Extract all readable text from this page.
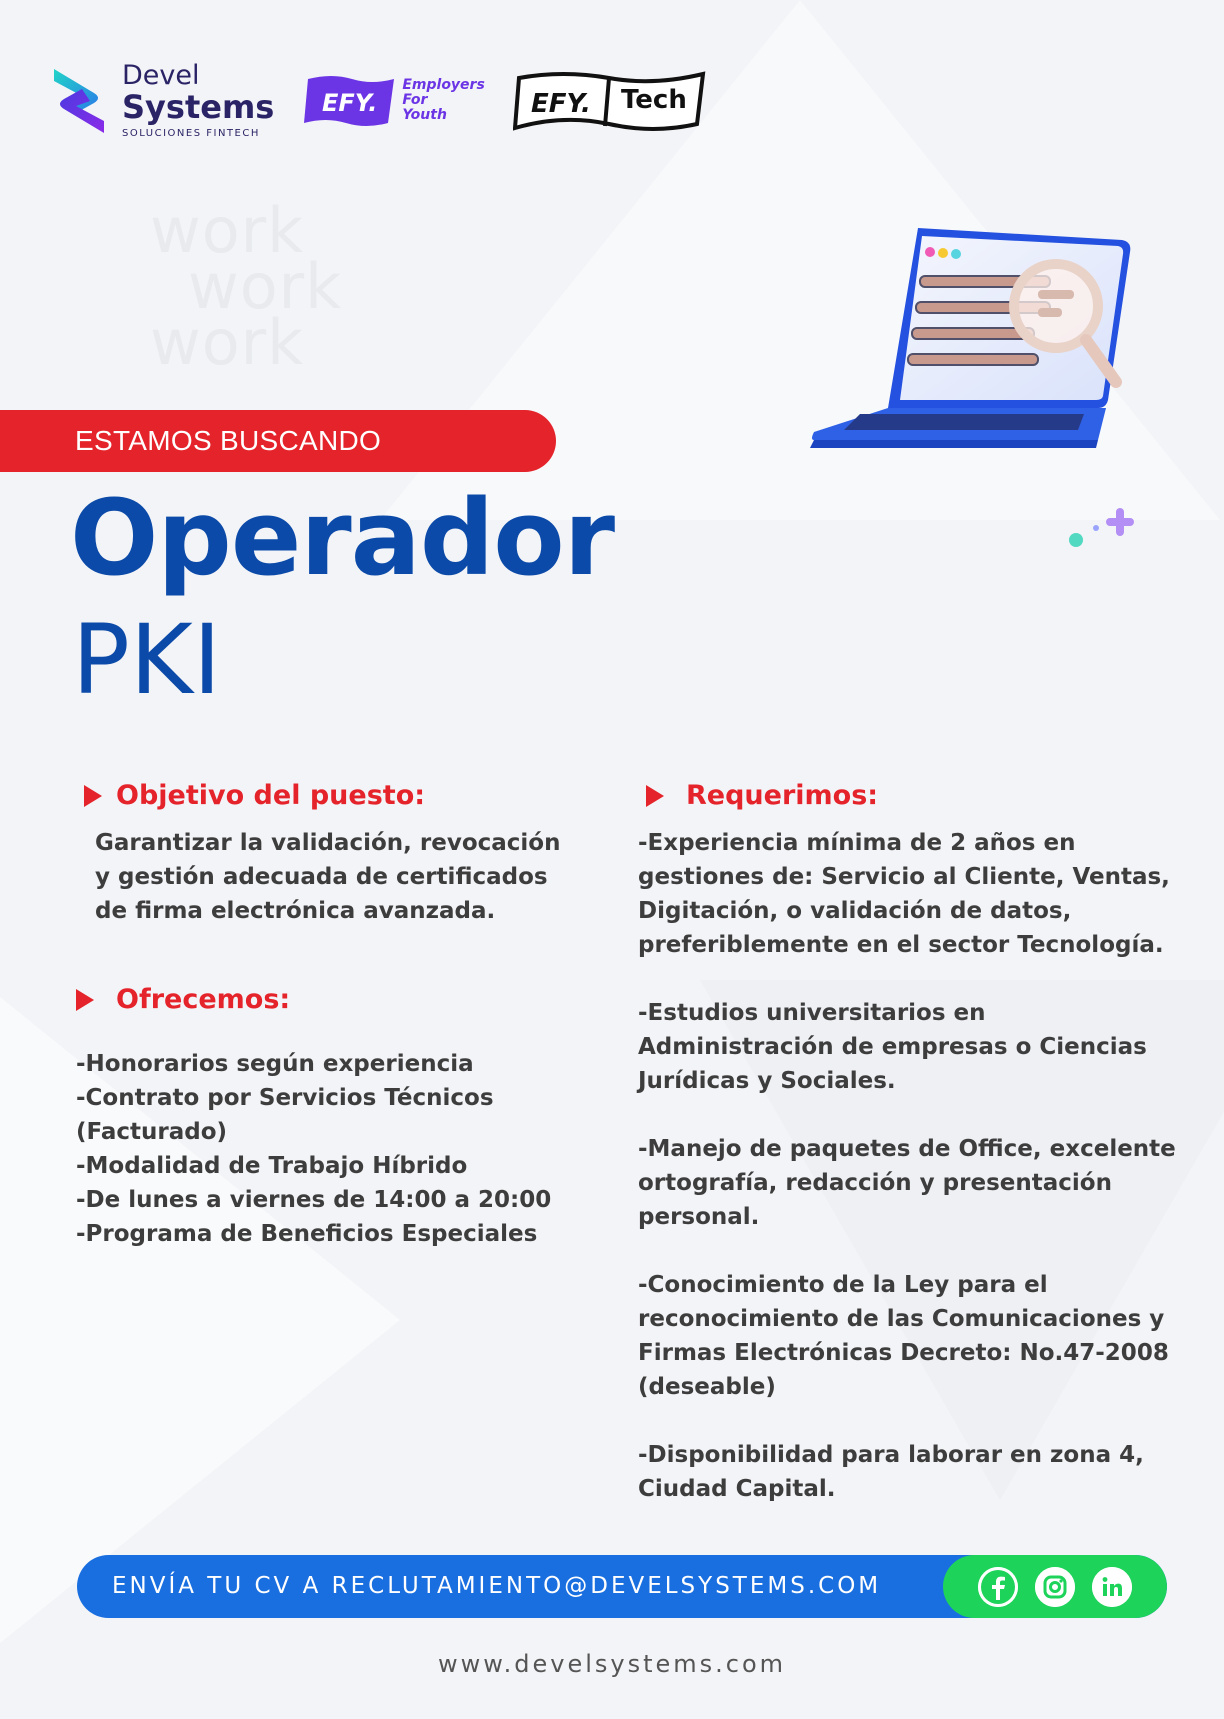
Devel
Systems
SOLUCIONES FINTECH
EFY.
Employers
For
Youth	EFY. Tech
work
work
work
ESTAMOS BUSCANDO
Operador
PKI
Objetivo del puesto:

Garantizar la validación, revocación

y gestión adecuada de certificados

de firma electrónica avanzada.

Ofrecemos:

-Honorarios según experiencia

-Contrato por Servicios Técnicos

(Facturado)

-Modalidad de Trabajo Híbrido

-De lunes a viernes de 14:00 a 20:00

-Programa de Beneficios Especiales

Requerimos:

-Experiencia mínima de 2 años en

gestiones de: Servicio al Cliente, Ventas,

Digitación, o validación de datos,

preferiblemente en el sector Tecnología.

-Estudios universitarios en

Administración de empresas o Ciencias

Jurídicas y Sociales.

-Manejo de paquetes de Office, excelente

ortografía, redacción y presentación

personal.

-Conocimiento de la Ley para el

reconocimiento de las Comunicaciones y

Firmas Electrónicas Decreto: No.47-2008

(deseable)

-Disponibilidad para laborar en zona 4,

Ciudad Capital.

ENVÍA TU CV A RECLUTAMIENTO@DEVELSYSTEMS.COM
www.develsystems.com
